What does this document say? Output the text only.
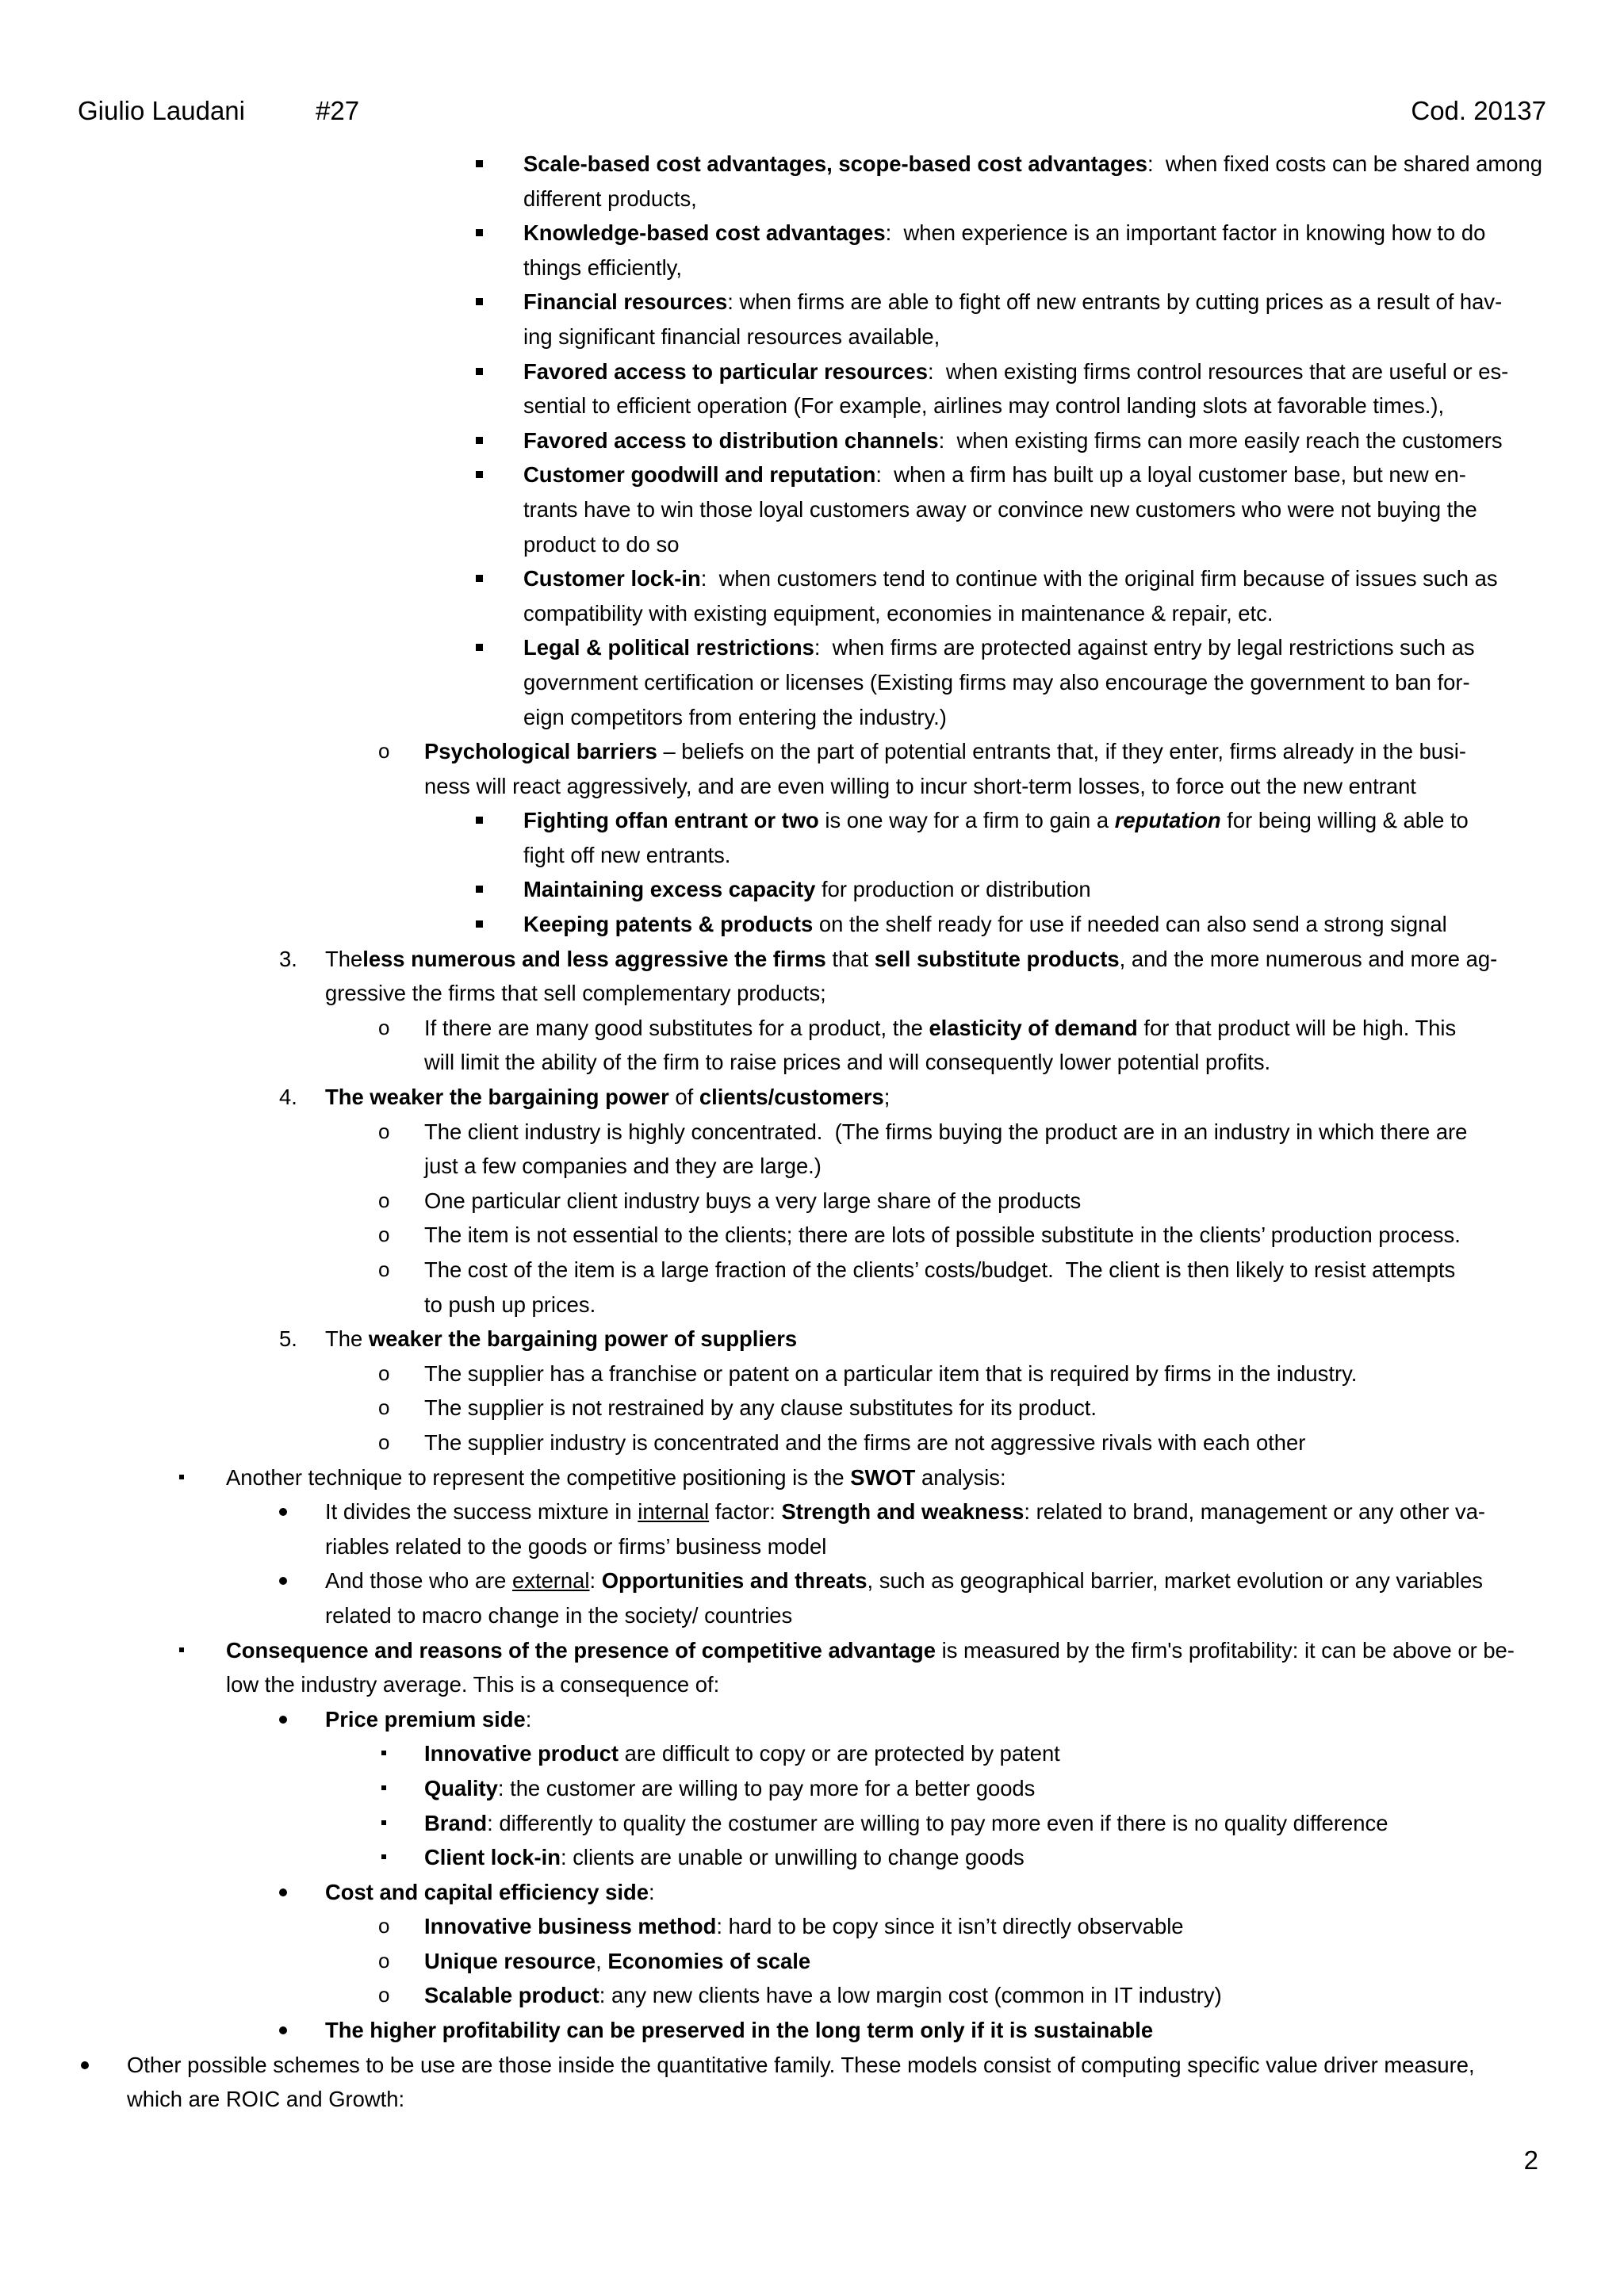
Giulio Laudani	#27	Cod. 20137
Scale-based cost advantages, scope-based cost advantages:  when fixed costs can be shared among
different products,
Knowledge-based cost advantages:  when experience is an important factor in knowing how to do
things efficiently,
Financial resources: when firms are able to fight off new entrants by cutting prices as a result of hav-
ing significant financial resources available,
Favored access to particular resources:  when existing firms control resources that are useful or es-
sential to efficient operation (For example, airlines may control landing slots at favorable times.),
Favored access to distribution channels:  when existing firms can more easily reach the customers
Customer goodwill and reputation:  when a firm has built up a loyal customer base, but new en-
trants have to win those loyal customers away or convince new customers who were not buying the
product to do so
Customer lock-in:  when customers tend to continue with the original firm because of issues such as
compatibility with existing equipment, economies in maintenance & repair, etc.
Legal & political restrictions:  when firms are protected against entry by legal restrictions such as
government certification or licenses (Existing firms may also encourage the government to ban for-
eign competitors from entering the industry.)
o Psychological barriers – beliefs on the part of potential entrants that, if they enter, firms already in the busi-
ness will react aggressively, and are even willing to incur short-term losses, to force out the new entrant
Fighting offan entrant or two is one way for a firm to gain a reputation for being willing & able to
fight off new entrants.
Maintaining excess capacity for production or distribution
Keeping patents & products on the shelf ready for use if needed can also send a strong signal
3. Theless numerous and less aggressive the firms that sell substitute products, and the more numerous and more ag-
gressive the firms that sell complementary products;
o If there are many good substitutes for a product, the elasticity of demand for that product will be high. This
will limit the ability of the firm to raise prices and will consequently lower potential profits.
4. The weaker the bargaining power of clients/customers;
o The client industry is highly concentrated.  (The firms buying the product are in an industry in which there are
just a few companies and they are large.)
o One particular client industry buys a very large share of the products
o The item is not essential to the clients; there are lots of possible substitute in the clients’ production process.
o The cost of the item is a large fraction of the clients’ costs/budget.  The client is then likely to resist attempts
to push up prices.
5. The weaker the bargaining power of suppliers
o The supplier has a franchise or patent on a particular item that is required by firms in the industry.
o The supplier is not restrained by any clause substitutes for its product.
o The supplier industry is concentrated and the firms are not aggressive rivals with each other
Another technique to represent the competitive positioning is the SWOT analysis:
It divides the success mixture in internal factor: Strength and weakness: related to brand, management or any other va-
riables related to the goods or firms’ business model
And those who are external: Opportunities and threats, such as geographical barrier, market evolution or any variables
related to macro change in the society/ countries
Consequence and reasons of the presence of competitive advantage is measured by the firm's profitability: it can be above or be-
low the industry average. This is a consequence of:
Price premium side:
Innovative product are difficult to copy or are protected by patent
Quality: the customer are willing to pay more for a better goods
Brand: differently to quality the costumer are willing to pay more even if there is no quality difference
Client lock-in: clients are unable or unwilling to change goods
Cost and capital efficiency side:
o Innovative business method: hard to be copy since it isn’t directly observable
o Unique resource, Economies of scale
o Scalable product: any new clients have a low margin cost (common in IT industry)
The higher profitability can be preserved in the long term only if it is sustainable
Other possible schemes to be use are those inside the quantitative family. These models consist of computing specific value driver measure,
which are ROIC and Growth:
2
